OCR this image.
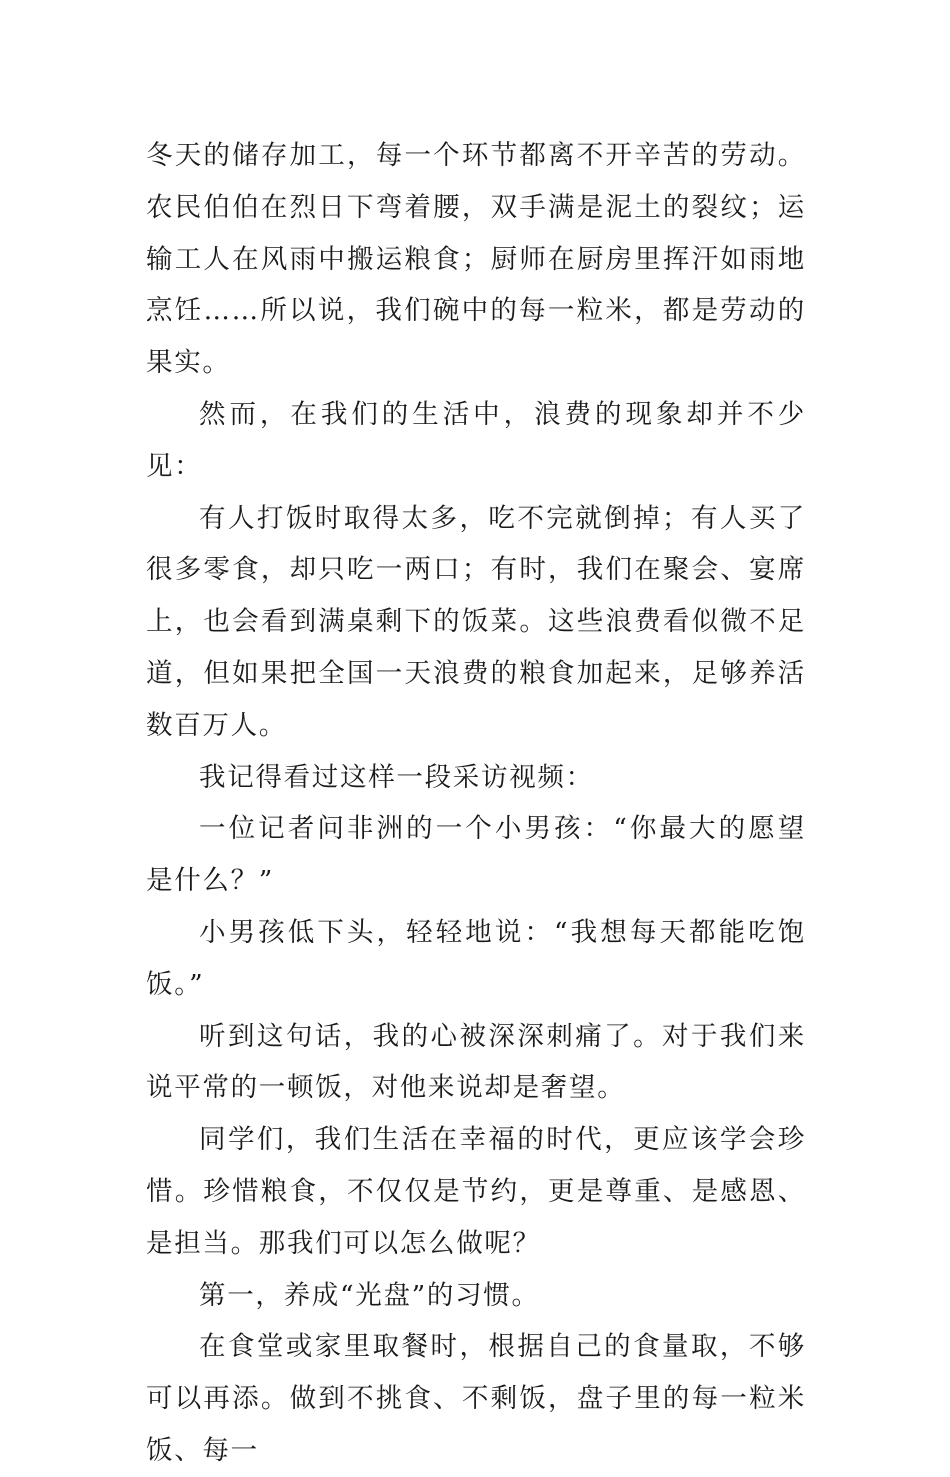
冬天的储存加工，每一个环节都离不开辛苦的劳动。农民伯伯在烈日下弯着腰，双手满是泥土的裂纹；运输工人在风雨中搬运粮食；厨师在厨房里挥汗如雨地烹饪……所以说，我们碗中的每一粒米，都是劳动的果实。

然而，在我们的生活中，浪费的现象却并不少见：

有人打饭时取得太多，吃不完就倒掉；有人买了很多零食，却只吃一两口；有时，我们在聚会、宴席上，也会看到满桌剩下的饭菜。这些浪费看似微不足道，但如果把全国一天浪费的粮食加起来，足够养活数百万人。

我记得看过这样一段采访视频：

一位记者问非洲的一个小男孩：“你最大的愿望是什么？”

小男孩低下头，轻轻地说：“我想每天都能吃饱饭。”

听到这句话，我的心被深深刺痛了。对于我们来说平常的一顿饭，对他来说却是奢望。

同学们，我们生活在幸福的时代，更应该学会珍惜。珍惜粮食，不仅仅是节约，更是尊重、是感恩、是担当。那我们可以怎么做呢？

第一，养成“光盘”的习惯。

在食堂或家里取餐时，根据自己的食量取，不够可以再添。做到不挑食、不剩饭，盘子里的每一粒米饭、每一
